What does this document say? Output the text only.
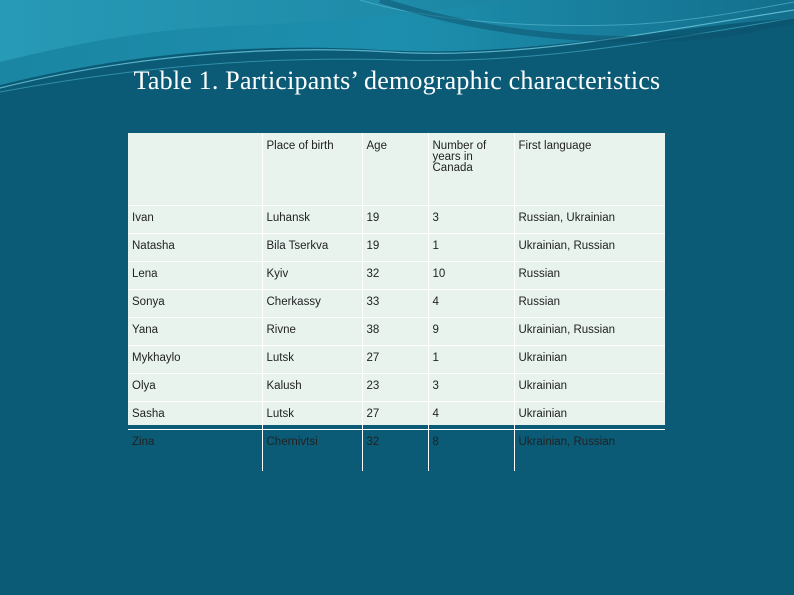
Table 1. Participants’ demographic characteristics
	Place of birth	Age	Number of years in Canada	First language
Ivan	Luhansk	19	3	Russian, Ukrainian
Natasha	Bila Tserkva	19	1	Ukrainian, Russian
Lena	Kyiv	32	10	Russian
Sonya	Cherkassy	33	4	Russian
Yana	Rivne	38	9	Ukrainian, Russian
Mykhaylo	Lutsk	27	1	Ukrainian
Olya	Kalush	23	3	Ukrainian
Sasha	Lutsk	27	4	Ukrainian
Zina	Chernivtsi	32	8	Ukrainian, Russian
